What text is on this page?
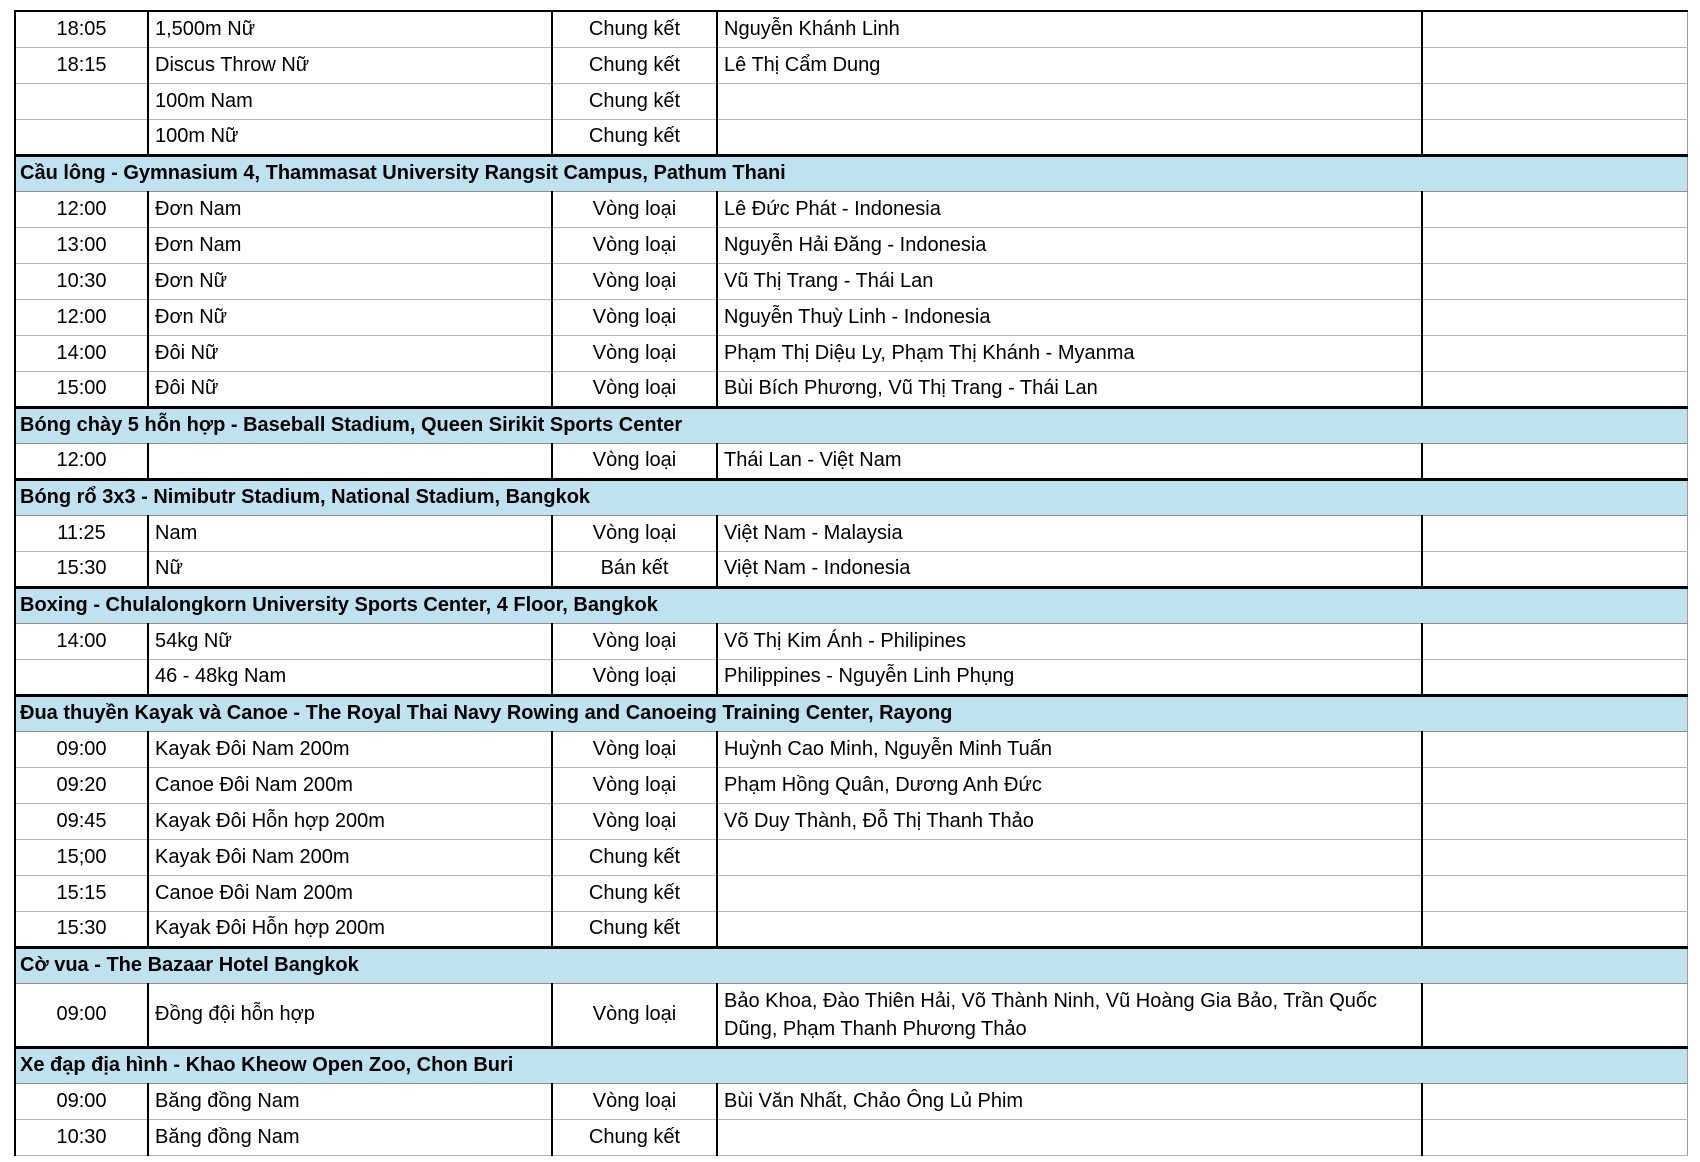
18:05	1,500m Nữ	Chung kết	Nguyễn Khánh Linh	
18:15	Discus Throw Nữ	Chung kết	Lê Thị Cẩm Dung	
	100m Nam	Chung kết		
	100m Nữ	Chung kết		
Cầu lông - Gymnasium 4, Thammasat University Rangsit Campus, Pathum Thani				
12:00	Đơn Nam	Vòng loại	Lê Đức Phát - Indonesia	
13:00	Đơn Nam	Vòng loại	Nguyễn Hải Đăng - Indonesia	
10:30	Đơn Nữ	Vòng loại	Vũ Thị Trang - Thái Lan	
12:00	Đơn Nữ	Vòng loại	Nguyễn Thuỳ Linh - Indonesia	
14:00	Đôi Nữ	Vòng loại	Phạm Thị Diệu Ly, Phạm Thị Khánh - Myanma	
15:00	Đôi Nữ	Vòng loại	Bùi Bích Phương, Vũ Thị Trang - Thái Lan	
Bóng chày 5 hỗn hợp - Baseball Stadium, Queen Sirikit Sports Center				
12:00		Vòng loại	Thái Lan - Việt Nam	
Bóng rổ 3x3 - Nimibutr Stadium, National Stadium, Bangkok				
11:25	Nam	Vòng loại	Việt Nam - Malaysia	
15:30	Nữ	Bán kết	Việt Nam - Indonesia	
Boxing - Chulalongkorn University Sports Center, 4 Floor, Bangkok				
14:00	54kg Nữ	Vòng loại	Võ Thị Kim Ánh - Philipines	
	46 - 48kg Nam	Vòng loại	Philippines - Nguyễn Linh Phụng	
Đua thuyền Kayak và Canoe - The Royal Thai Navy Rowing and Canoeing Training Center, Rayong				
09:00	Kayak Đôi Nam 200m	Vòng loại	Huỳnh Cao Minh, Nguyễn Minh Tuấn	
09:20	Canoe Đôi Nam 200m	Vòng loại	Phạm Hồng Quân, Dương Anh Đức	
09:45	Kayak Đôi Hỗn hợp 200m	Vòng loại	Võ Duy Thành, Đỗ Thị Thanh Thảo	
15;00	Kayak Đôi Nam 200m	Chung kết		
15:15	Canoe Đôi Nam 200m	Chung kết		
15:30	Kayak Đôi Hỗn hợp 200m	Chung kết		
Cờ vua - The Bazaar Hotel Bangkok				
09:00	Đồng đội hỗn hợp	Vòng loại	Bảo Khoa, Đào Thiên Hải, Võ Thành Ninh, Vũ Hoàng Gia Bảo, Trần Quốc Dũng, Phạm Thanh Phương Thảo	
Xe đạp địa hình - Khao Kheow Open Zoo, Chon Buri				
09:00	Băng đồng Nam	Vòng loại	Bùi Văn Nhất, Chảo Ông Lủ Phim	
10:30	Băng đồng Nam	Chung kết		
